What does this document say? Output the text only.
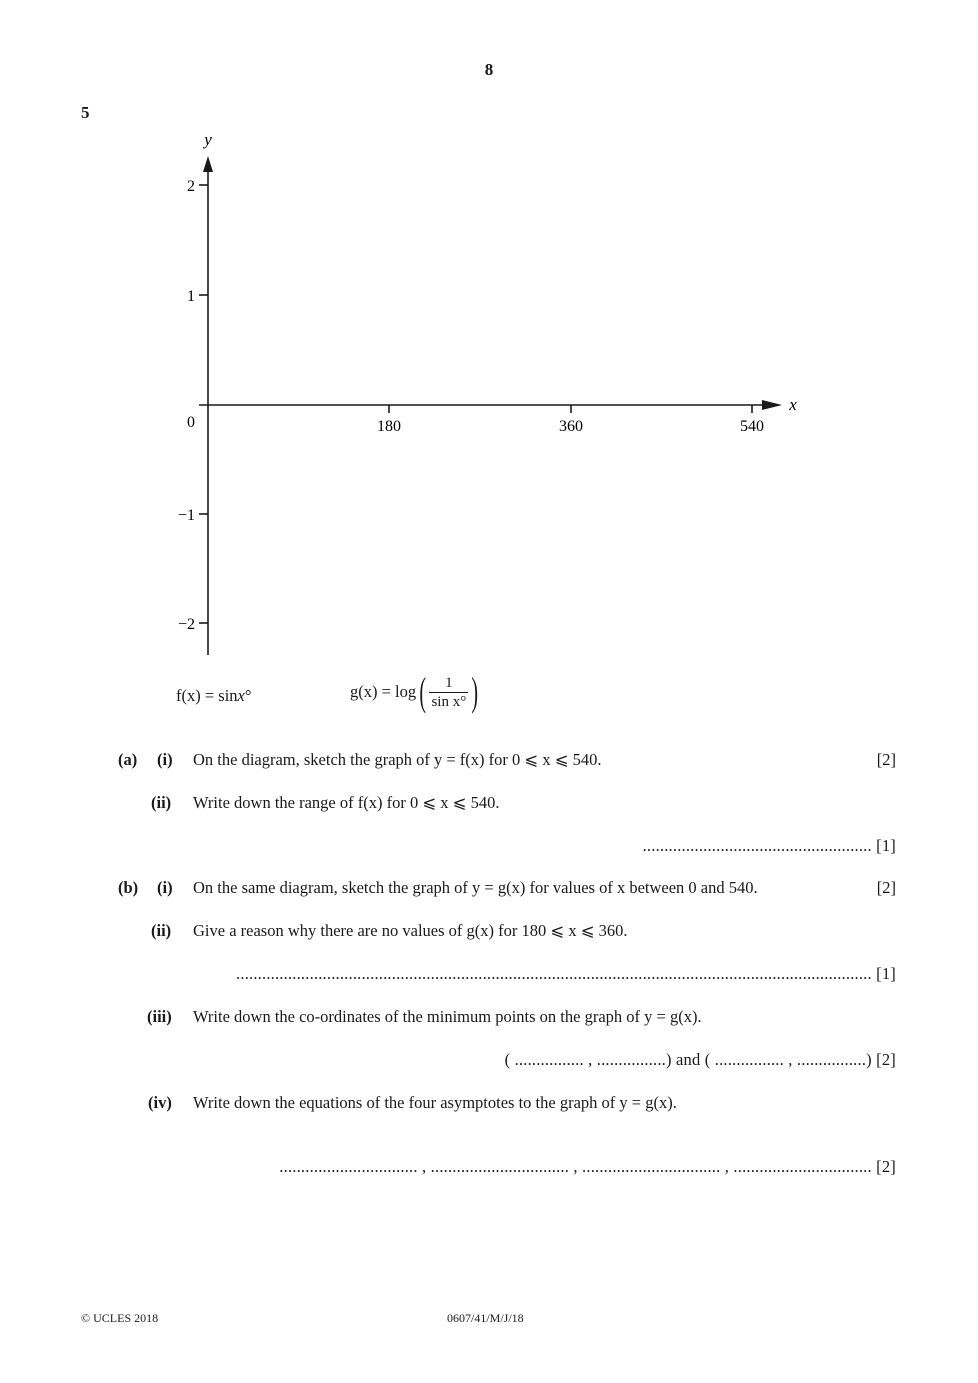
8
5
y
x
2
1
0
−1
−2
180	360	540
f(x) = sinx°	$g(x) = \log( \frac{1}{\text{sin x°}}$ )
(a) (i) On the diagram, sketch the graph of y = f(x) for 0 ⩽ x ⩽ 540.	[2]
(ii) Write down the range of f(x) for 0 ⩽ x ⩽ 540.
..................................................... [1]
(b) (i) On the same diagram, sketch the graph of y = g(x) for values of x between 0 and 540.	[2]
(ii) Give a reason why there are no values of g(x) for 180 ⩽ x ⩽ 360.
................................................................................................................................................... [1]
(iii) Write down the co-ordinates of the minimum points on the graph of y = g(x).
( ................ , ................) and ( ................ , ................) [2]
(iv) Write down the equations of the four asymptotes to the graph of y = g(x).
................................ , ................................ , ................................ , ................................ [2]
© UCLES 2018	0607/41/M/J/18
